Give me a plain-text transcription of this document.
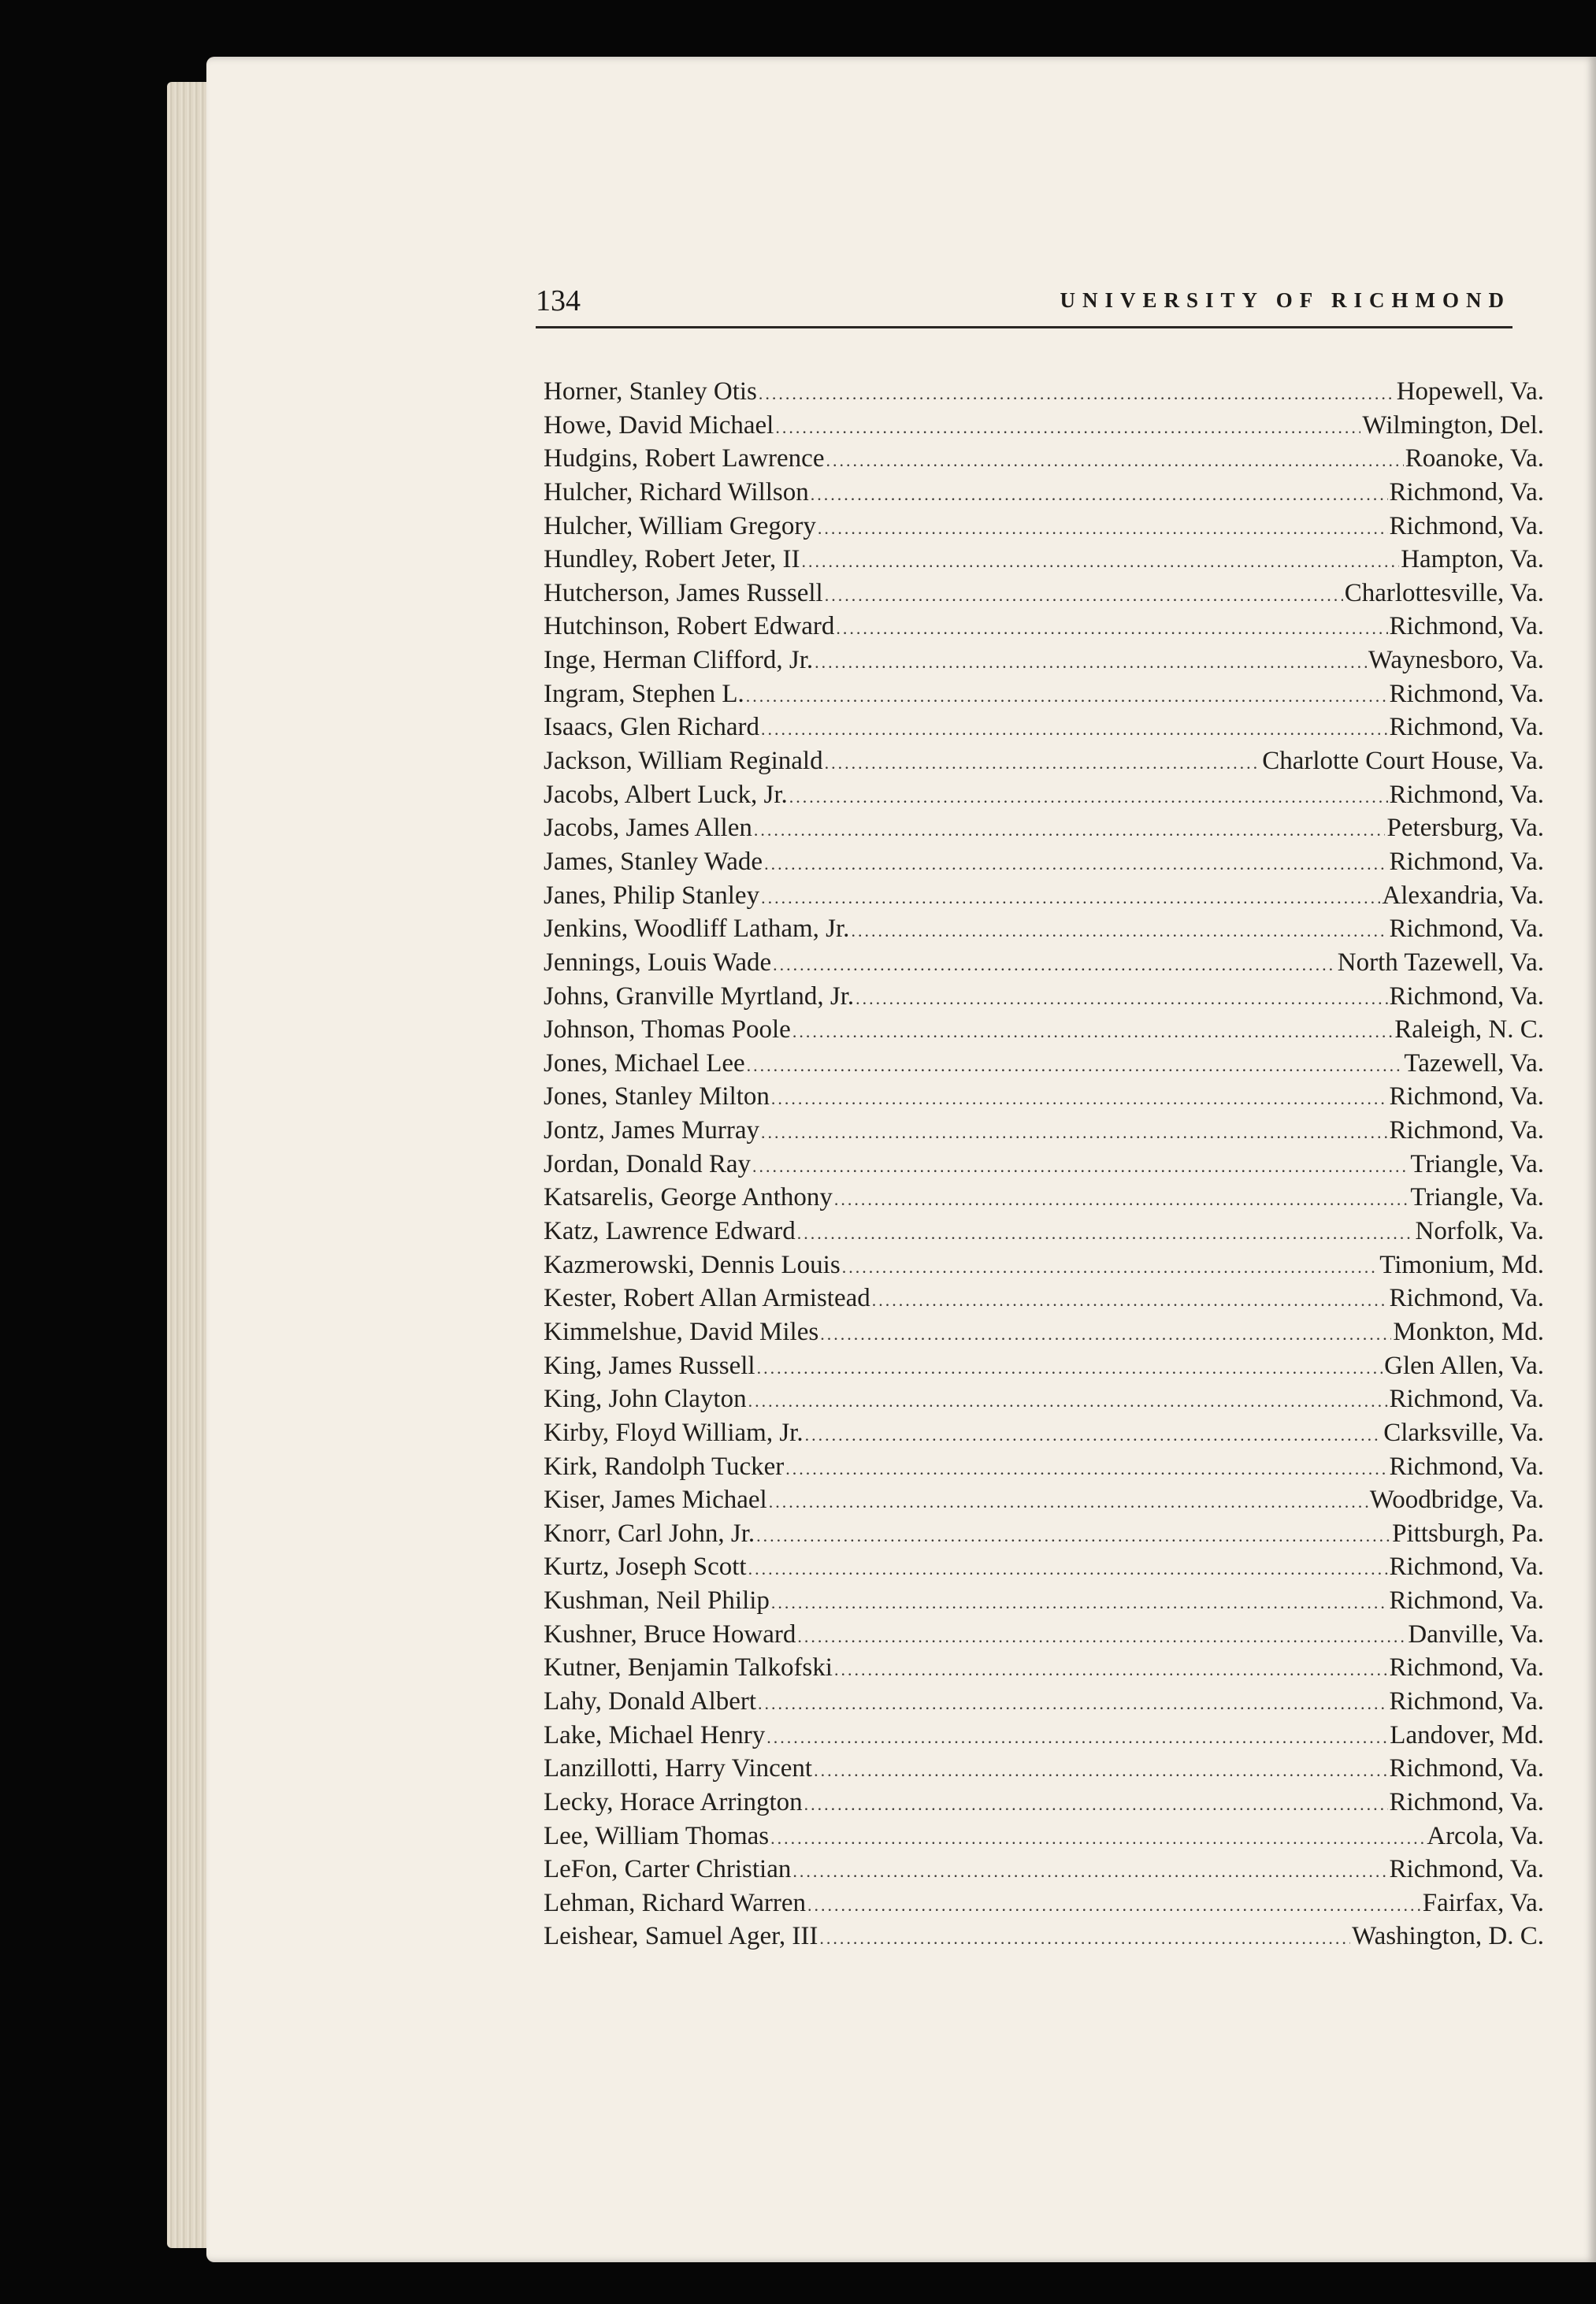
134	UNIVERSITY OF RICHMOND
Horner, Stanley Otis .....	Hopewell, Va.
Howe, David Michael .....	Wilmington, Del.
Hudgins, Robert Lawrence .....	Roanoke, Va.
Hulcher, Richard Willson .....	Richmond, Va.
Hulcher, William Gregory .....	Richmond, Va.
Hundley, Robert Jeter, II .....	Hampton, Va.
Hutcherson, James Russell .....	Charlottesville, Va.
Hutchinson, Robert Edward .....	Richmond, Va.
Inge, Herman Clifford, Jr. .....	Waynesboro, Va.
Ingram, Stephen L. .....	Richmond, Va.
Isaacs, Glen Richard .....	Richmond, Va.
Jackson, William Reginald .....	Charlotte Court House, Va.
Jacobs, Albert Luck, Jr. .....	Richmond, Va.
Jacobs, James Allen .....	Petersburg, Va.
James, Stanley Wade .....	Richmond, Va.
Janes, Philip Stanley .....	Alexandria, Va.
Jenkins, Woodliff Latham, Jr. .....	Richmond, Va.
Jennings, Louis Wade .....	North Tazewell, Va.
Johns, Granville Myrtland, Jr. .....	Richmond, Va.
Johnson, Thomas Poole .....	Raleigh, N. C.
Jones, Michael Lee .....	Tazewell, Va.
Jones, Stanley Milton .....	Richmond, Va.
Jontz, James Murray .....	Richmond, Va.
Jordan, Donald Ray .....	Triangle, Va.
Katsarelis, George Anthony .....	Triangle, Va.
Katz, Lawrence Edward .....	Norfolk, Va.
Kazmerowski, Dennis Louis .....	Timonium, Md.
Kester, Robert Allan Armistead .....	Richmond, Va.
Kimmelshue, David Miles .....	Monkton, Md.
King, James Russell .....	Glen Allen, Va.
King, John Clayton .....	Richmond, Va.
Kirby, Floyd William, Jr. .....	Clarksville, Va.
Kirk, Randolph Tucker .....	Richmond, Va.
Kiser, James Michael .....	Woodbridge, Va.
Knorr, Carl John, Jr. .....	Pittsburgh, Pa.
Kurtz, Joseph Scott .....	Richmond, Va.
Kushman, Neil Philip .....	Richmond, Va.
Kushner, Bruce Howard .....	Danville, Va.
Kutner, Benjamin Talkofski .....	Richmond, Va.
Lahy, Donald Albert .....	Richmond, Va.
Lake, Michael Henry .....	Landover, Md.
Lanzillotti, Harry Vincent .....	Richmond, Va.
Lecky, Horace Arrington .....	Richmond, Va.
Lee, William Thomas .....	Arcola, Va.
LeFon, Carter Christian .....	Richmond, Va.
Lehman, Richard Warren .....	Fairfax, Va.
Leishear, Samuel Ager, III .....	Washington, D. C.
